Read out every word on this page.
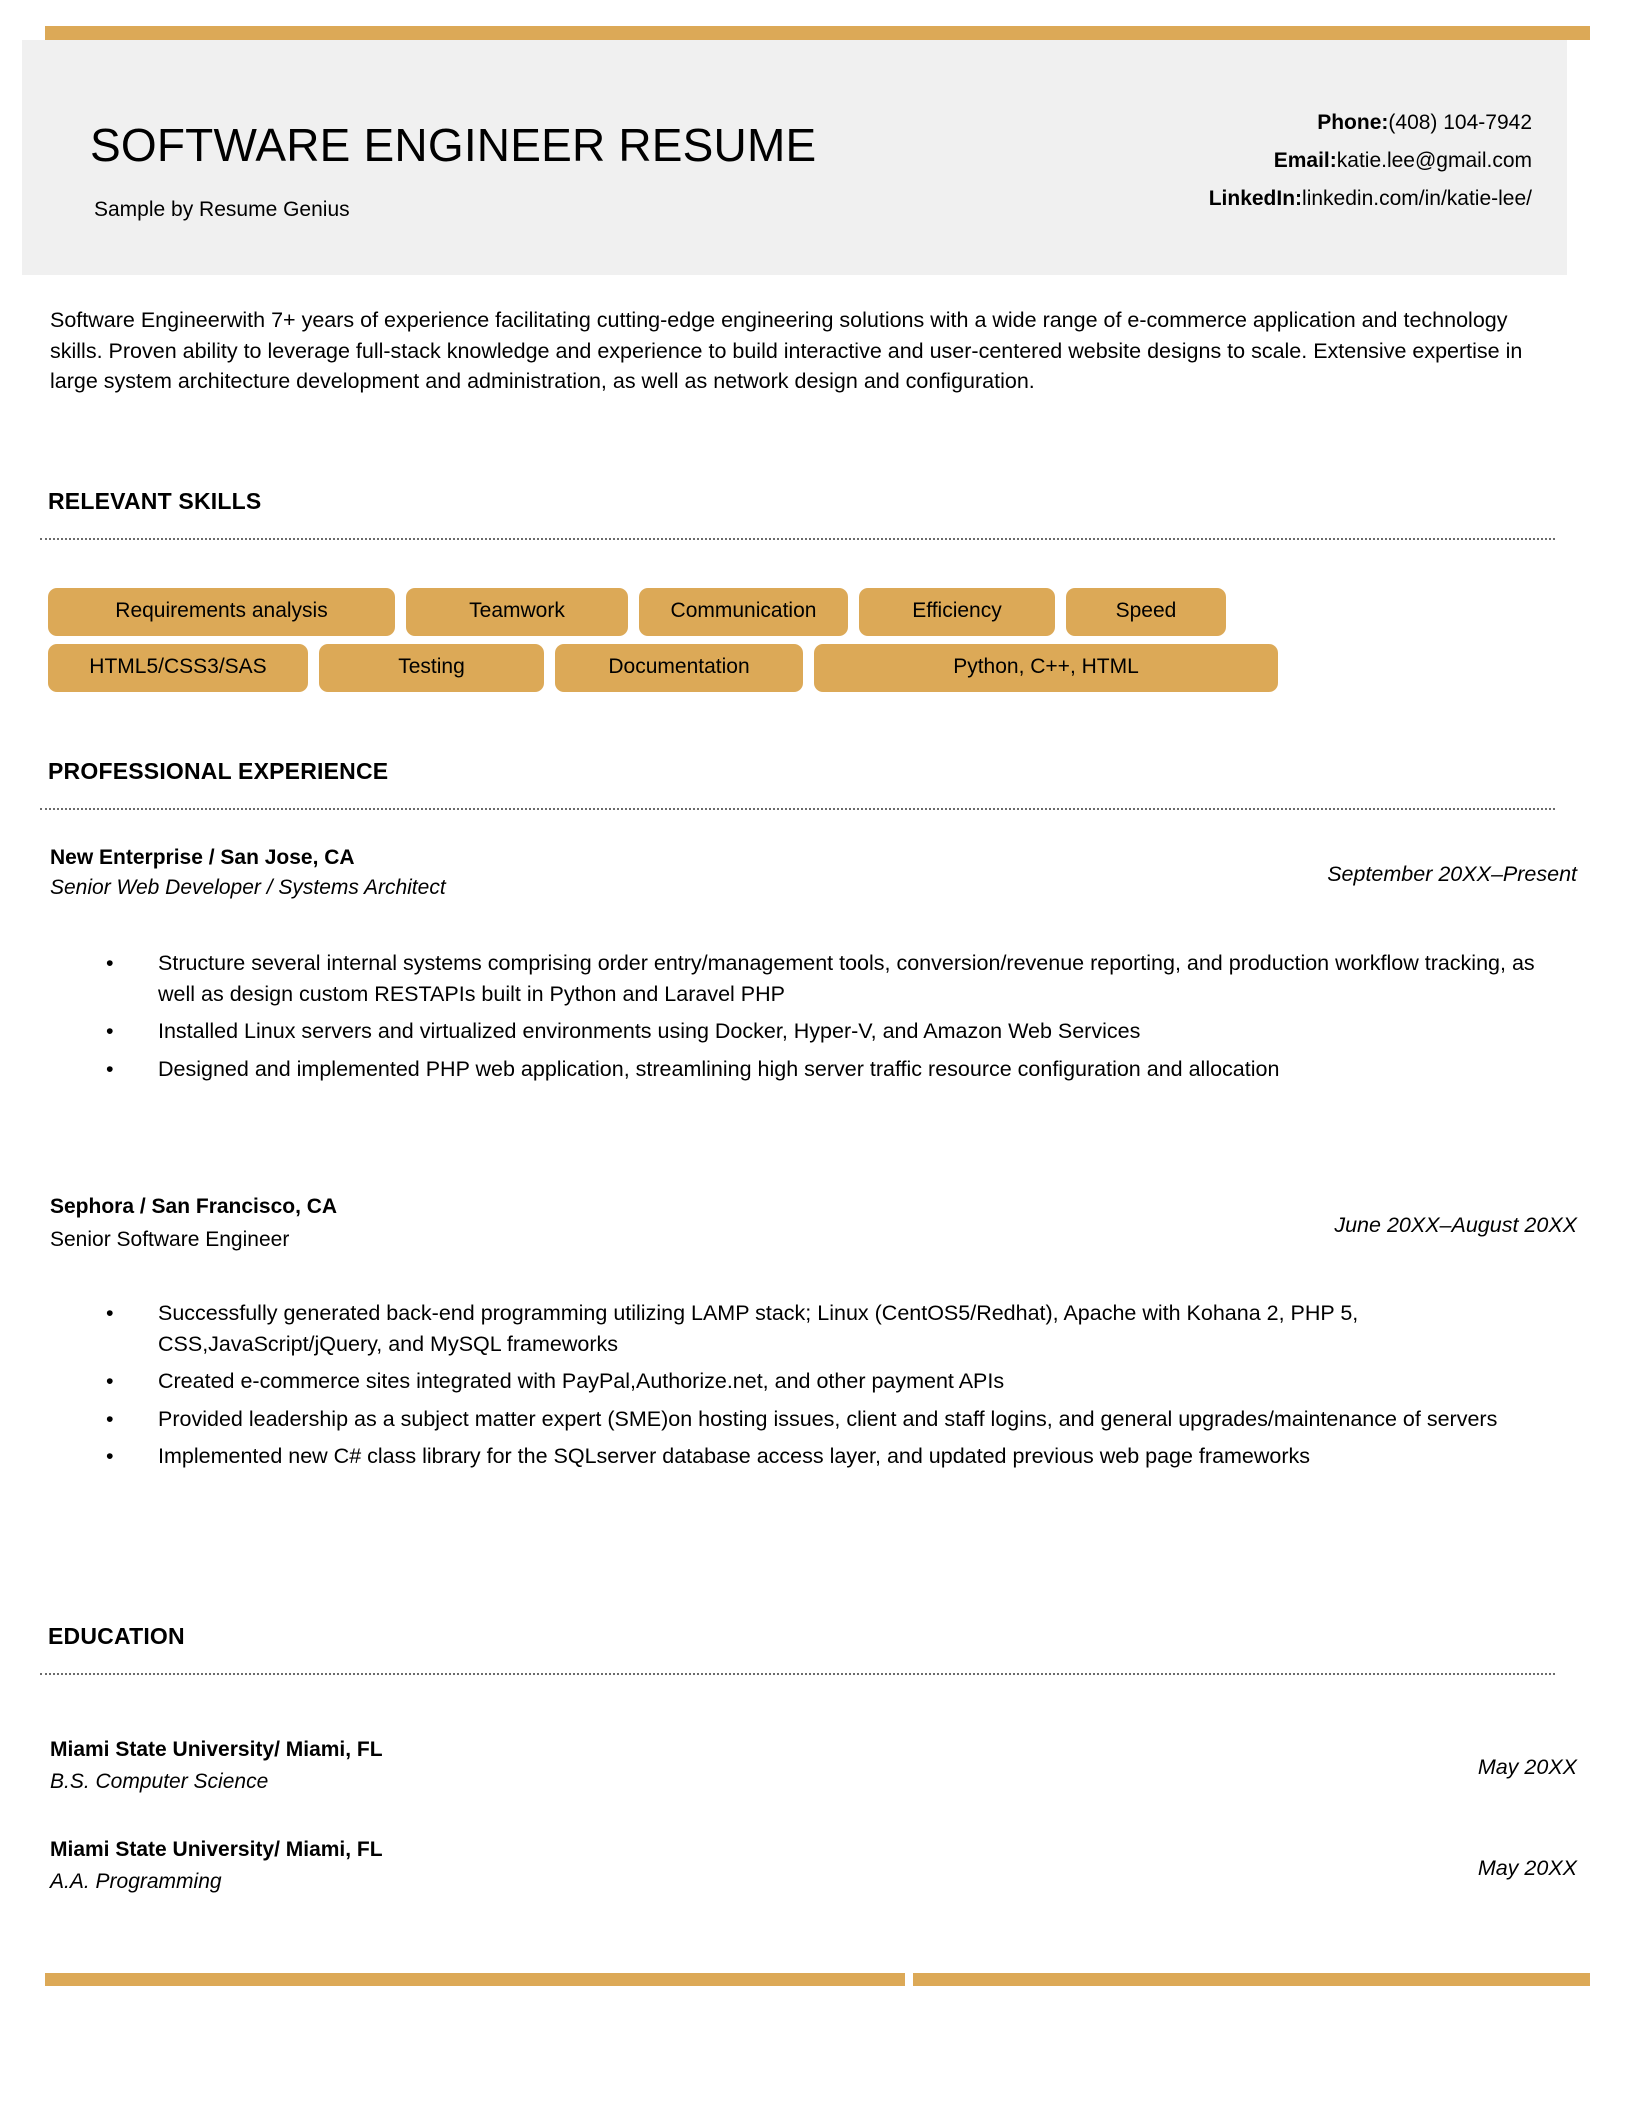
SOFTWARE ENGINEER RESUME
Sample by Resume Genius
Phone:(408) 104-7942
Email:katie.lee@gmail.com
LinkedIn:linkedin.com/in/katie-lee/
Software Engineerwith 7+ years of experience facilitating cutting-edge engineering solutions with a wide range of e-commerce application and technology skills. Proven ability to leverage full-stack knowledge and experience to build interactive and user-centered website designs to scale. Extensive expertise in large system architecture development and administration, as well as network design and configuration.
RELEVANT SKILLS
Requirements analysis	Teamwork	Communication	Efficiency	Speed
HTML5/CSS3/SAS	Testing	Documentation	Python, C++, HTML
PROFESSIONAL EXPERIENCE
New Enterprise / San Jose, CA
Senior Web Developer / Systems Architect
September 20XX–Present
• Structure several internal systems comprising order entry/management tools, conversion/revenue reporting, and production workflow tracking, as well as design custom RESTAPIs built in Python and Laravel PHP
• Installed Linux servers and virtualized environments using Docker, Hyper-V, and Amazon Web Services
• Designed and implemented PHP web application, streamlining high server traffic resource configuration and allocation
Sephora / San Francisco, CA
Senior Software Engineer
June 20XX–August 20XX
• Successfully generated back-end programming utilizing LAMP stack; Linux (CentOS5/Redhat), Apache with Kohana 2, PHP 5, CSS,JavaScript/jQuery, and MySQL frameworks
• Created e-commerce sites integrated with PayPal,Authorize.net, and other payment APIs
• Provided leadership as a subject matter expert (SME)on hosting issues, client and staff logins, and general upgrades/maintenance of servers
• Implemented new C# class library for the SQLserver database access layer, and updated previous web page frameworks
EDUCATION
Miami State University/ Miami, FL
B.S. Computer Science
May 20XX
Miami State University/ Miami, FL
A.A. Programming
May 20XX
